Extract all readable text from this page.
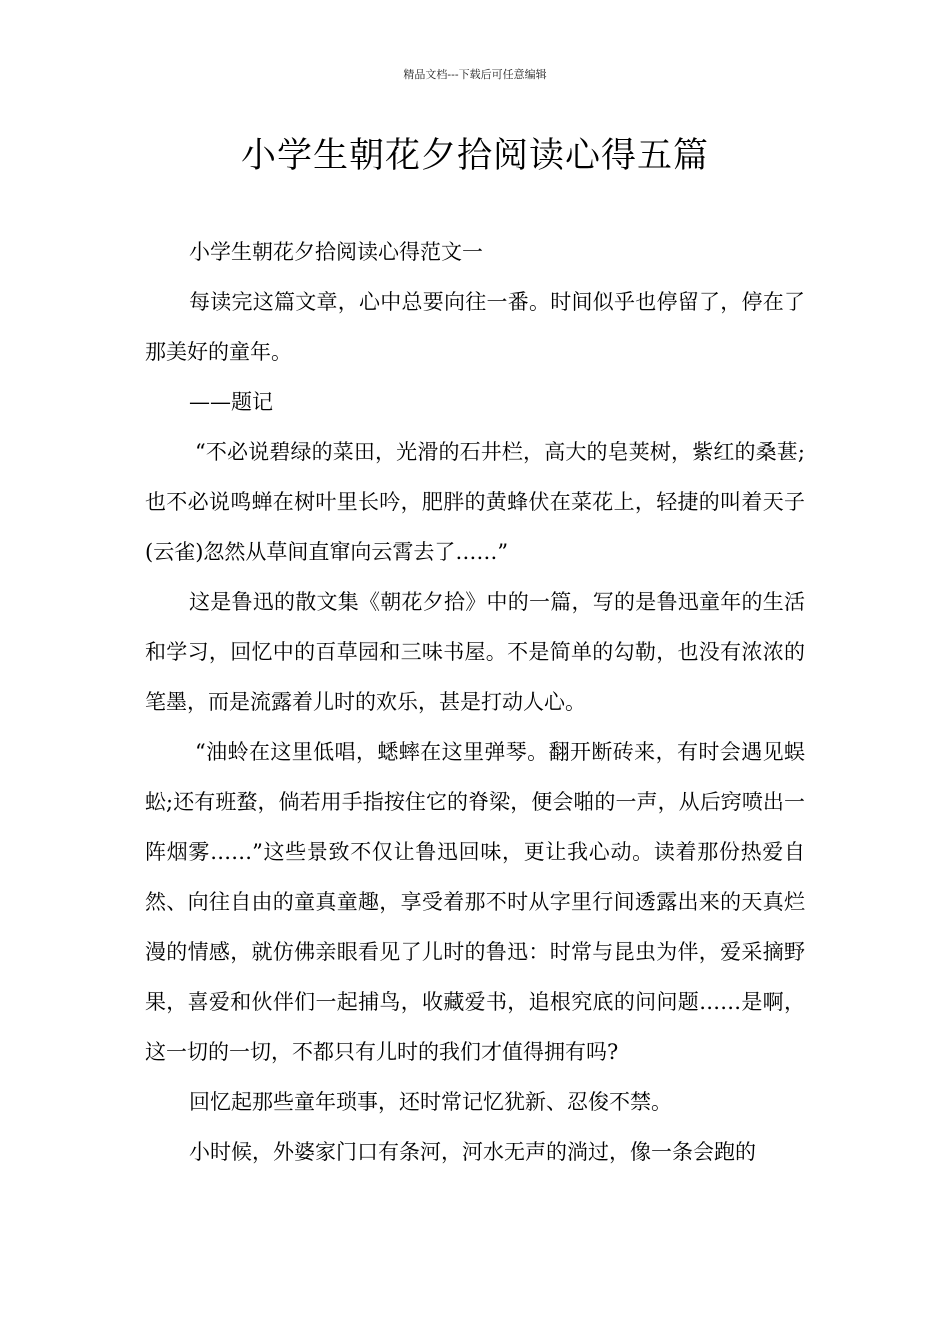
精品文档---下载后可任意编辑
小学生朝花夕拾阅读心得五篇

小学生朝花夕拾阅读心得范文一

每读完这篇文章，心中总要向往一番。时间似乎也停留了，停在了那美好的童年。

——题记

“不必说碧绿的菜田，光滑的石井栏，高大的皂荚树，紫红的桑葚;也不必说鸣蝉在树叶里长吟，肥胖的黄蜂伏在菜花上，轻捷的叫着天子(云雀)忽然从草间直窜向云霄去了……”

这是鲁迅的散文集《朝花夕拾》中的一篇，写的是鲁迅童年的生活和学习，回忆中的百草园和三味书屋。不是简单的勾勒，也没有浓浓的笔墨，而是流露着儿时的欢乐，甚是打动人心。

“油蛉在这里低唱，蟋蟀在这里弹琴。翻开断砖来，有时会遇见蜈蚣;还有班蝥，倘若用手指按住它的脊梁，便会啪的一声，从后窍喷出一阵烟雾……”这些景致不仅让鲁迅回味，更让我心动。读着那份热爱自然、向往自由的童真童趣，享受着那不时从字里行间透露出来的天真烂漫的情感，就仿佛亲眼看见了儿时的鲁迅：时常与昆虫为伴，爱采摘野果，喜爱和伙伴们一起捕鸟，收藏爱书，追根究底的问问题……是啊，这一切的一切，不都只有儿时的我们才值得拥有吗?

回忆起那些童年琐事，还时常记忆犹新、忍俊不禁。

小时候，外婆家门口有条河，河水无声的淌过，像一条会跑的
